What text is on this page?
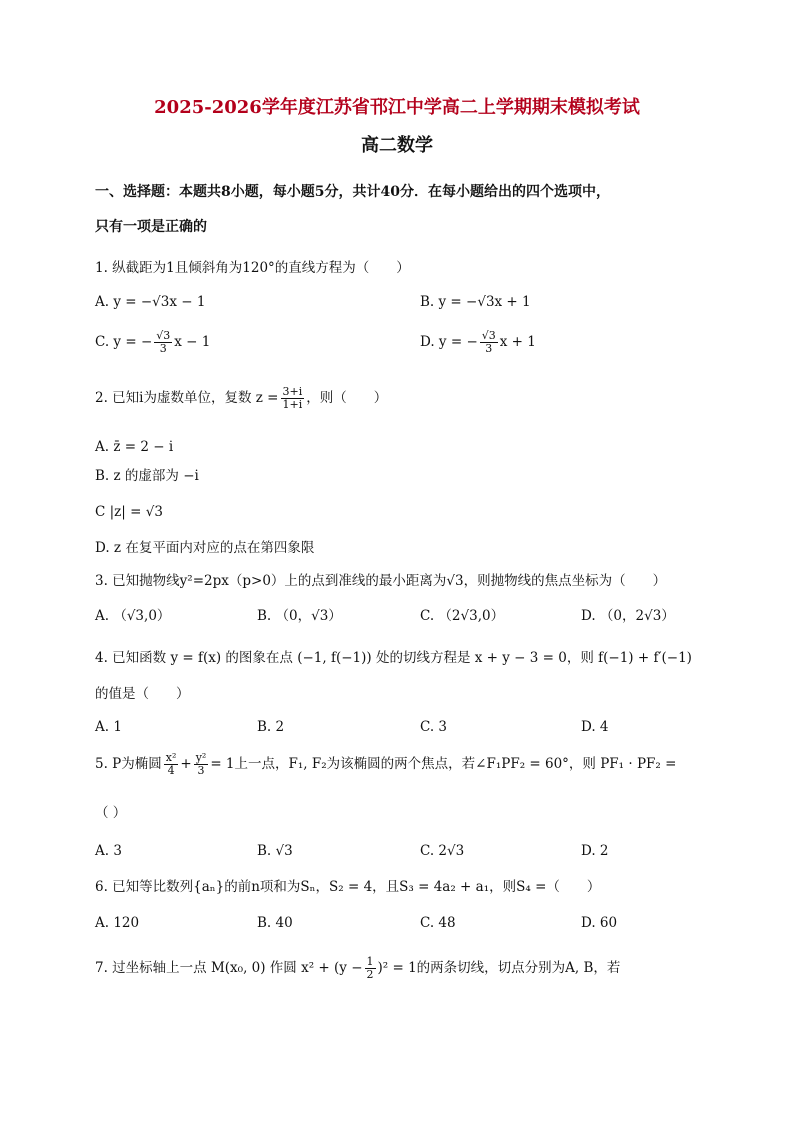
2025-2026学年度江苏省邗江中学高二上学期期末模拟考试
高二数学
一、选择题：本题共8小题，每小题5分，共计40分．在每小题给出的四个选项中，
只有一项是正确的
1. 纵截距为1且倾斜角为120°的直线方程为（　　）
A. y = −√3x − 1	B. y = −√3x + 1
C. y = − $\frac{√3}{3}$ x − 1	D. y = − $\frac{√3}{3}$ x + 1
2. 已知i为虚数单位，复数 $z = \frac{3+i}{1+i}$ ，则（　　）
A. z̄ = 2 − i
B. z 的虚部为 −i
C |z| = √3
D. z 在复平面内对应的点在第四象限
3. 已知抛物线y²=2px（p>0）上的点到准线的最小距离为√3，则抛物线的焦点坐标为（　　）
A. （√3,0）	B. （0，√3）	C. （2√3,0）	D. （0，2√3）
4. 已知函数 y = f(x) 的图象在点 (−1, f(−1)) 处的切线方程是 x + y − 3 = 0，则 f(−1) + f′(−1)
的值是（　　）
A. 1	B. 2	C. 3	D. 4
5. P为椭圆 $\frac{\text{x²}}{4} + \frac{\text{y²}}{3} = 1$上一点，F₁, F₂为该椭圆的两个焦点，若∠F₁PF₂ = 60°，则 PF₁ · PF₂ =
（ ）
A. 3	B. √3	C. 2√3	D. 2
6. 已知等比数列{aₙ}的前n项和为Sₙ，S₂ = 4，且S₃ = 4a₂ + a₁，则S₄ =（　　）
A. 120	B. 40	C. 48	D. 60
7. 过坐标轴上一点 M(x₀, 0) 作圆 $x^2 + (y - \frac{1}{2} )^2 = 1$的两条切线，切点分别为A, B，若
